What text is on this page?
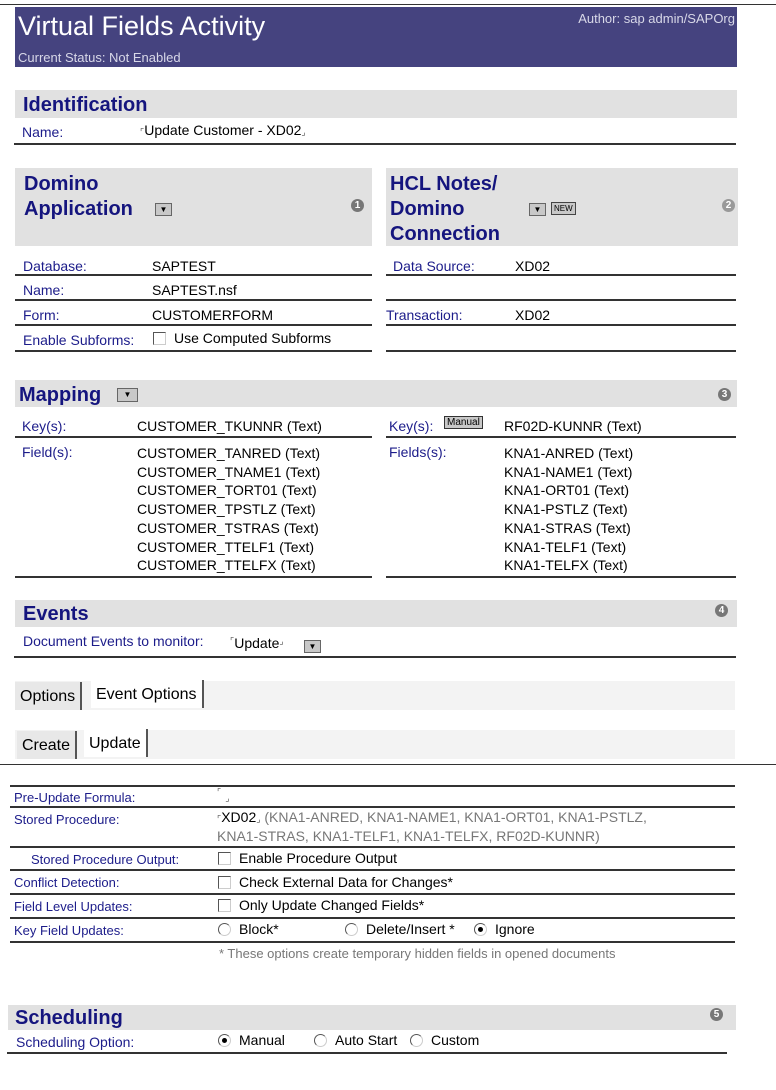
Virtual Fields Activity
Current Status: Not Enabled
Author: sap admin/SAPOrg
Identification
Name:	⌜Update Customer - XD02⌟
Domino
Application	▼	1
Database:	SAPTEST
Name:	SAPTEST.nsf
Form:	CUSTOMERFORM
Enable Subforms:	Use Computed Subforms
HCL Notes/
Domino
Connection
▼	NEW	2
Data Source:	XD02
Transaction:	XD02
Mapping	▼	3
Key(s):	CUSTOMER_TKUNNR (Text)
Field(s):	CUSTOMER_TANRED (Text)
CUSTOMER_TNAME1 (Text)
CUSTOMER_TORT01 (Text)
CUSTOMER_TPSTLZ (Text)
CUSTOMER_TSTRAS (Text)
CUSTOMER_TTELF1 (Text)
CUSTOMER_TTELFX (Text)
Key(s):	Manual RF02D-KUNNR (Text)
Fields(s):	KNA1-ANRED (Text)
KNA1-NAME1 (Text)
KNA1-ORT01 (Text)
KNA1-PSTLZ (Text)
KNA1-STRAS (Text)
KNA1-TELF1 (Text)
KNA1-TELFX (Text)
Events	4
Document Events to monitor:	⌜Update⌟
▼
Options	Event Options
Create	Update
Pre-Update Formula:	⌜⌟
Stored Procedure:	⌜XD02⌟ (KNA1-ANRED, KNA1-NAME1, KNA1-ORT01, KNA1-PSTLZ,
KNA1-STRAS, KNA1-TELF1, KNA1-TELFX, RF02D-KUNNR)
Stored Procedure Output:	Enable Procedure Output
Conflict Detection:	Check External Data for Changes*
Field Level Updates:	Only Update Changed Fields*
Key Field Updates:	Block*	Delete/Insert *	Ignore
* These options create temporary hidden fields in opened documents
Scheduling	5
Scheduling Option:	Manual	Auto Start	Custom
